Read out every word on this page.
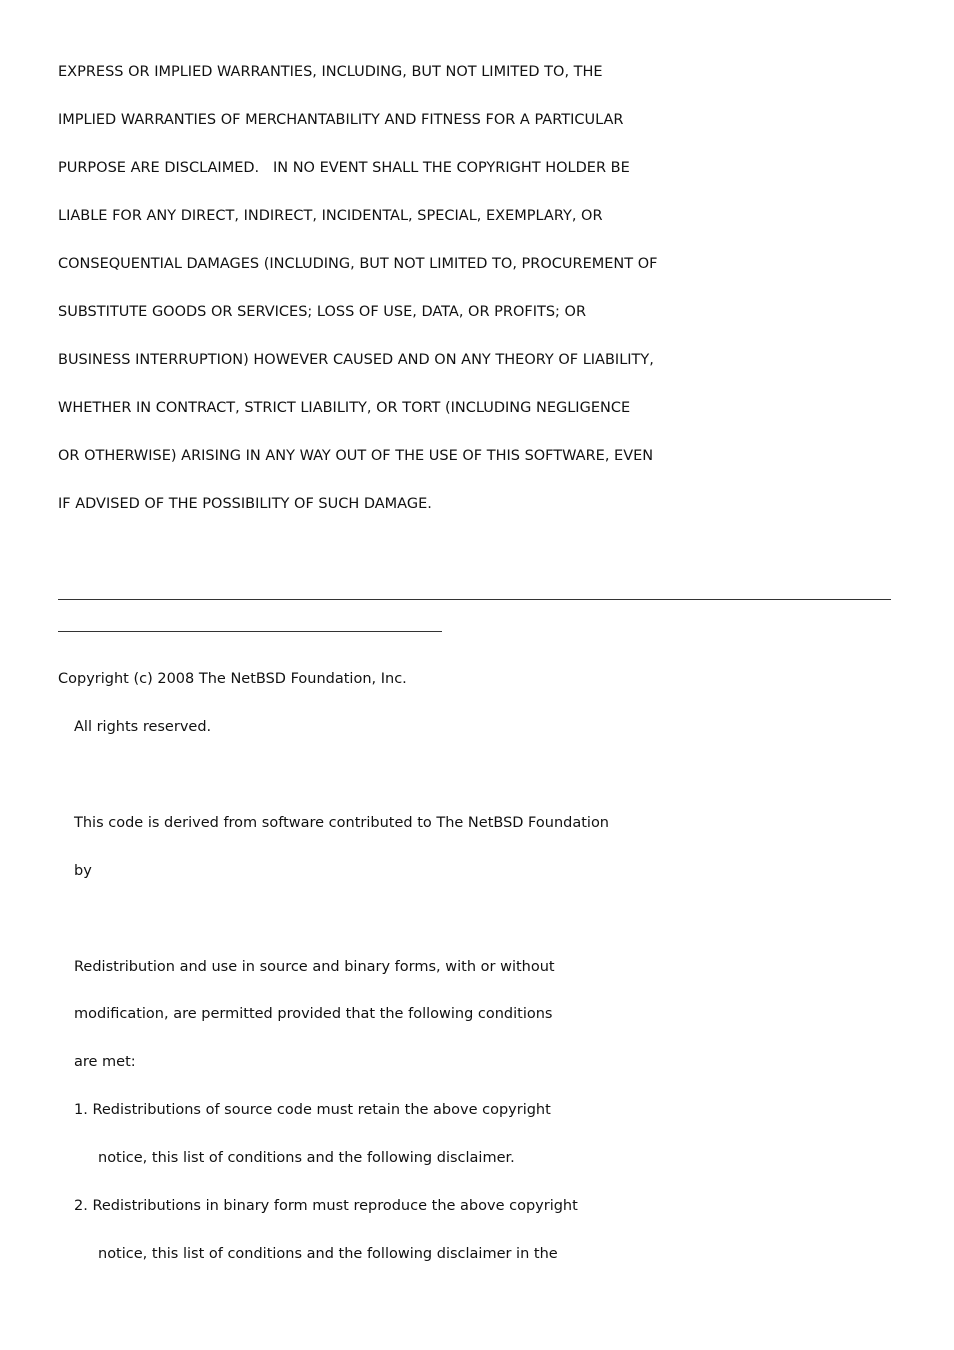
EXPRESS OR IMPLIED WARRANTIES, INCLUDING, BUT NOT LIMITED TO, THE

IMPLIED WARRANTIES OF MERCHANTABILITY AND FITNESS FOR A PARTICULAR

PURPOSE ARE DISCLAIMED.   IN NO EVENT SHALL THE COPYRIGHT HOLDER BE

LIABLE FOR ANY DIRECT, INDIRECT, INCIDENTAL, SPECIAL, EXEMPLARY, OR

CONSEQUENTIAL DAMAGES (INCLUDING, BUT NOT LIMITED TO, PROCUREMENT OF

SUBSTITUTE GOODS OR SERVICES; LOSS OF USE, DATA, OR PROFITS; OR

BUSINESS INTERRUPTION) HOWEVER CAUSED AND ON ANY THEORY OF LIABILITY,

WHETHER IN CONTRACT, STRICT LIABILITY, OR TORT (INCLUDING NEGLIGENCE

OR OTHERWISE) ARISING IN ANY WAY OUT OF THE USE OF THIS SOFTWARE, EVEN

IF ADVISED OF THE POSSIBILITY OF SUCH DAMAGE.

Copyright (c) 2008 The NetBSD Foundation, Inc.

All rights reserved.

This code is derived from software contributed to The NetBSD Foundation

by

Redistribution and use in source and binary forms, with or without

modification, are permitted provided that the following conditions

are met:

1. Redistributions of source code must retain the above copyright

notice, this list of conditions and the following disclaimer.

2. Redistributions in binary form must reproduce the above copyright

notice, this list of conditions and the following disclaimer in the
